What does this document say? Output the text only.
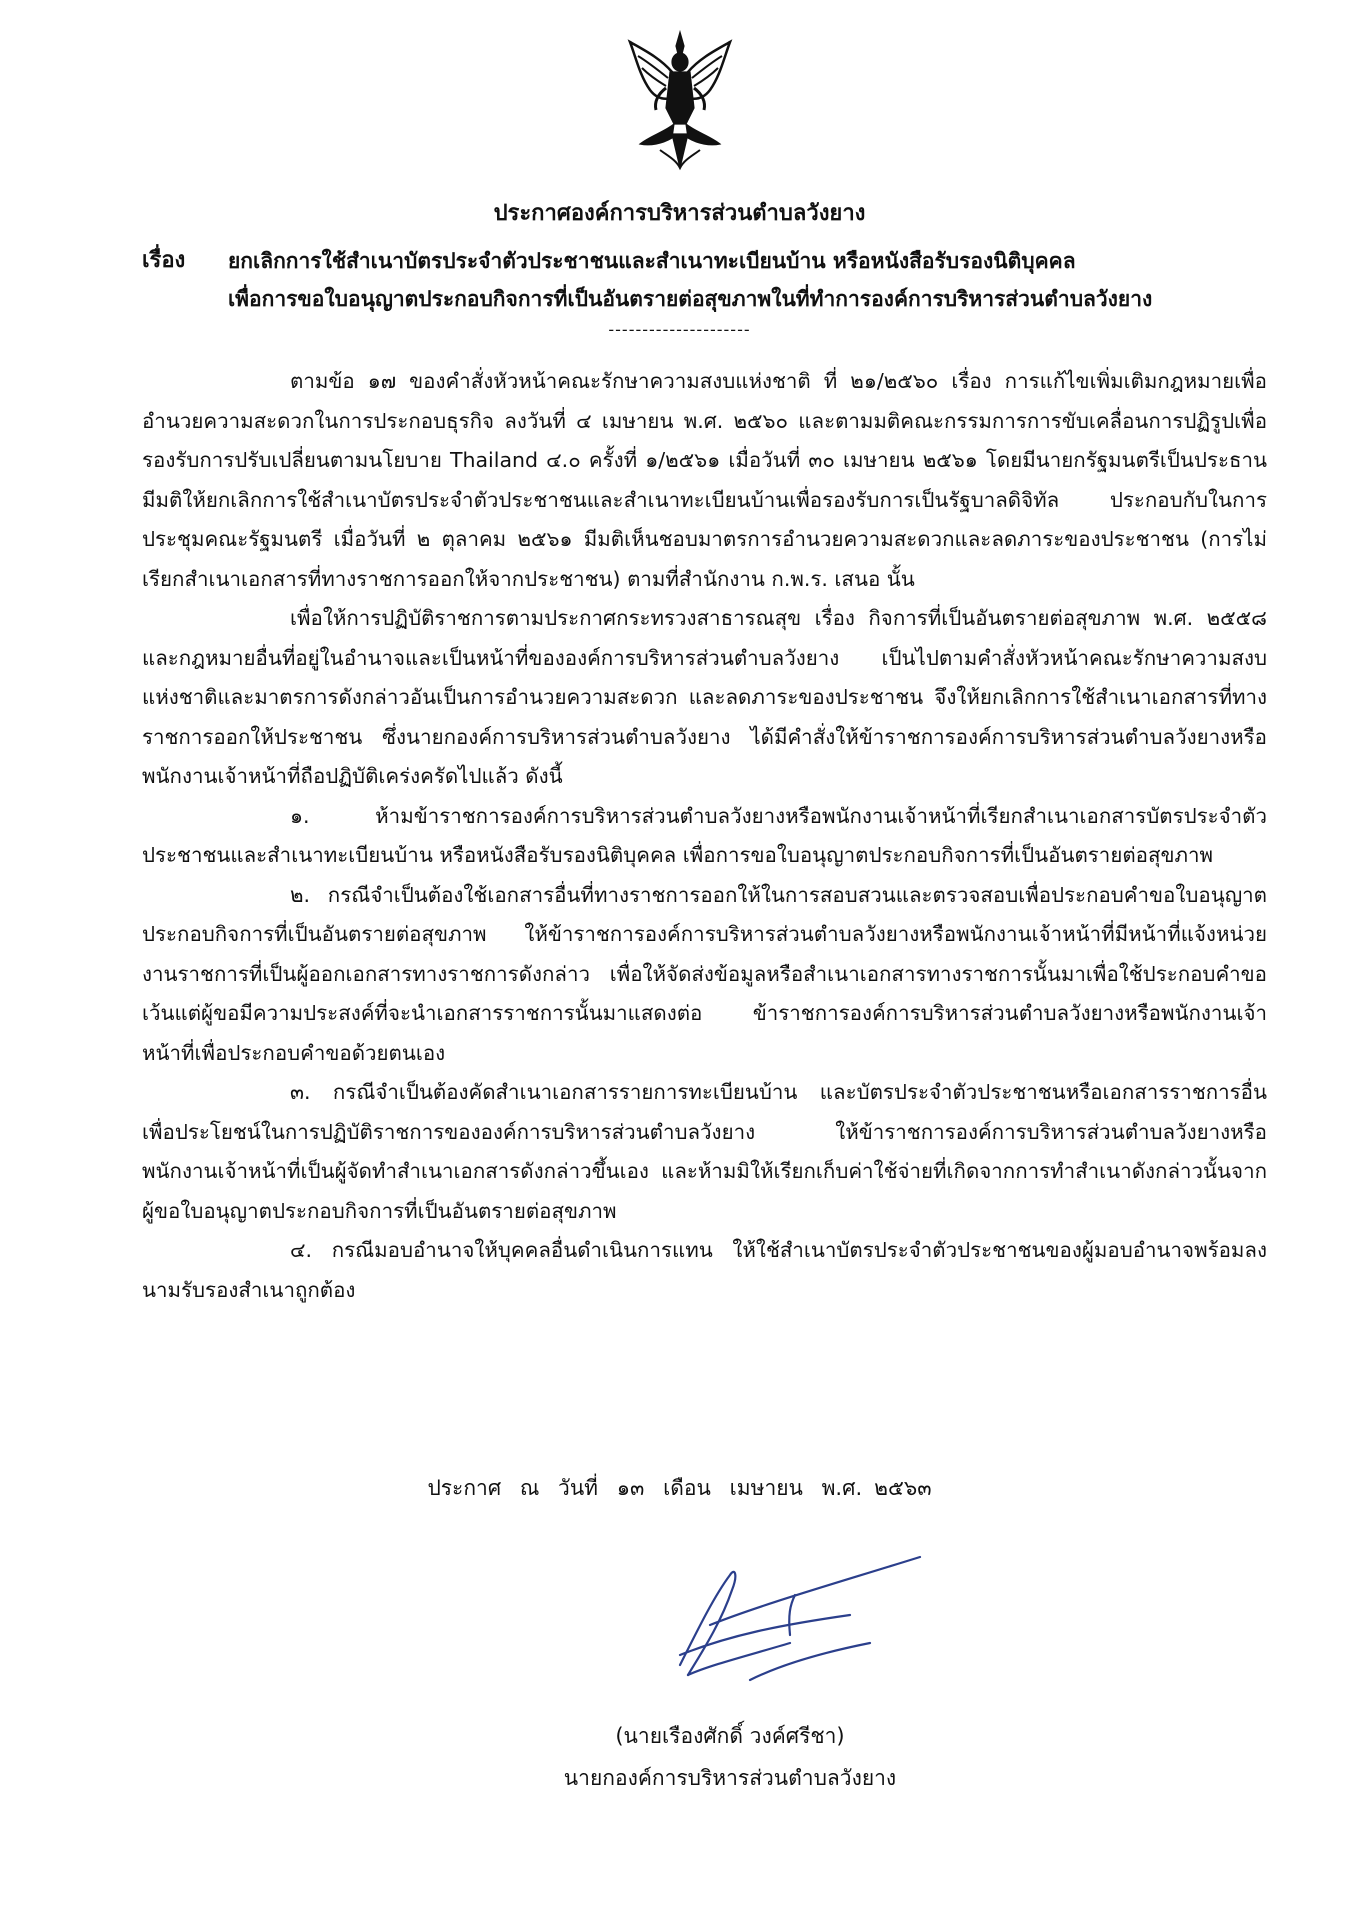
ประกาศองค์การบริหารส่วนตำบลวังยาง
เรื่อง ยกเลิกการใช้สำเนาบัตรประจำตัวประชาชนและสำเนาทะเบียนบ้าน หรือหนังสือรับรองนิติบุคคล
เพื่อการขอใบอนุญาตประกอบกิจการที่เป็นอันตรายต่อสุขภาพในที่ทำการองค์การบริหารส่วนตำบลวังยาง
---------------------

ตามข้อ ๑๗ ของคำสั่งหัวหน้าคณะรักษาความสงบแห่งชาติ ที่ ๒๑/๒๕๖๐ เรื่อง การแก้ไขเพิ่มเติมกฎหมายเพื่ออำนวยความสะดวกในการประกอบธุรกิจ ลงวันที่ ๔ เมษายน พ.ศ. ๒๕๖๐ และตามมติคณะกรรมการการขับเคลื่อนการปฏิรูปเพื่อรองรับการปรับเปลี่ยนตามนโยบาย Thailand ๔.๐ ครั้งที่ ๑/๒๕๖๑ เมื่อวันที่ ๓๐ เมษายน ๒๕๖๑ โดยมีนายกรัฐมนตรีเป็นประธาน มีมติให้ยกเลิกการใช้สำเนาบัตรประจำตัวประชาชนและสำเนาทะเบียนบ้านเพื่อรองรับการเป็นรัฐบาลดิจิทัล ประกอบกับในการประชุมคณะรัฐมนตรี เมื่อวันที่ ๒ ตุลาคม ๒๕๖๑ มีมติเห็นชอบมาตรการอำนวยความสะดวกและลดภาระของประชาชน (การไม่เรียกสำเนาเอกสารที่ทางราชการออกให้จากประชาชน) ตามที่สำนักงาน ก.พ.ร. เสนอ นั้น

เพื่อให้การปฏิบัติราชการตามประกาศกระทรวงสาธารณสุข เรื่อง กิจการที่เป็นอันตรายต่อสุขภาพ พ.ศ. ๒๕๕๘ และกฎหมายอื่นที่อยู่ในอำนาจและเป็นหน้าที่ขององค์การบริหารส่วนตำบลวังยาง เป็นไปตามคำสั่งหัวหน้าคณะรักษาความสงบแห่งชาติและมาตรการดังกล่าวอันเป็นการอำนวยความสะดวก และลดภาระของประชาชน จึงให้ยกเลิกการใช้สำเนาเอกสารที่ทางราชการออกให้ประชาชน ซึ่งนายกองค์การบริหารส่วนตำบลวังยาง ได้มีคำสั่งให้ข้าราชการองค์การบริหารส่วนตำบลวังยางหรือพนักงานเจ้าหน้าที่ถือปฏิบัติเคร่งครัดไปแล้ว ดังนี้

๑. ห้ามข้าราชการองค์การบริหารส่วนตำบลวังยางหรือพนักงานเจ้าหน้าที่เรียกสำเนาเอกสารบัตรประจำตัวประชาชนและสำเนาทะเบียนบ้าน หรือหนังสือรับรองนิติบุคคล เพื่อการขอใบอนุญาตประกอบกิจการที่เป็นอันตรายต่อสุขภาพ

๒. กรณีจำเป็นต้องใช้เอกสารอื่นที่ทางราชการออกให้ในการสอบสวนและตรวจสอบเพื่อประกอบคำขอใบอนุญาตประกอบกิจการที่เป็นอันตรายต่อสุขภาพ ให้ข้าราชการองค์การบริหารส่วนตำบลวังยางหรือพนักงานเจ้าหน้าที่มีหน้าที่แจ้งหน่วยงานราชการที่เป็นผู้ออกเอกสารทางราชการดังกล่าว เพื่อให้จัดส่งข้อมูลหรือสำเนาเอกสารทางราชการนั้นมาเพื่อใช้ประกอบคำขอเว้นแต่ผู้ขอมีความประสงค์ที่จะนำเอกสารราชการนั้นมาแสดงต่อ ข้าราชการองค์การบริหารส่วนตำบลวังยางหรือพนักงานเจ้าหน้าที่เพื่อประกอบคำขอด้วยตนเอง

๓. กรณีจำเป็นต้องคัดสำเนาเอกสารรายการทะเบียนบ้าน และบัตรประจำตัวประชาชนหรือเอกสารราชการอื่นเพื่อประโยชน์ในการปฏิบัติราชการขององค์การบริหารส่วนตำบลวังยาง ให้ข้าราชการองค์การบริหารส่วนตำบลวังยางหรือพนักงานเจ้าหน้าที่เป็นผู้จัดทำสำเนาเอกสารดังกล่าวขึ้นเอง และห้ามมิให้เรียกเก็บค่าใช้จ่ายที่เกิดจากการทำสำเนาดังกล่าวนั้นจากผู้ขอใบอนุญาตประกอบกิจการที่เป็นอันตรายต่อสุขภาพ

๔. กรณีมอบอำนาจให้บุคคลอื่นดำเนินการแทน ให้ใช้สำเนาบัตรประจำตัวประชาชนของผู้มอบอำนาจพร้อมลงนามรับรองสำเนาถูกต้อง

ประกาศ ณ วันที่ ๑๓ เดือน เมษายน พ.ศ. ๒๕๖๓
(นายเรืองศักดิ์ วงค์ศรีชา)
นายกองค์การบริหารส่วนตำบลวังยาง
